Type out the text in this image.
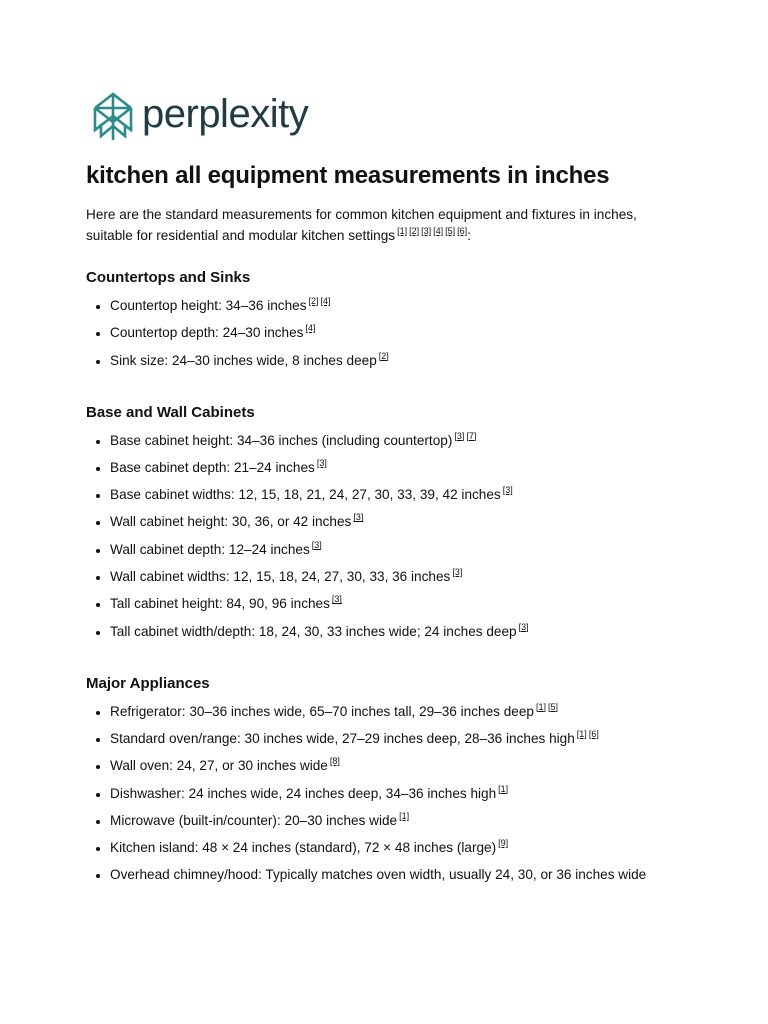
perplexity
kitchen all equipment measurements in inches

Here are the standard measurements for common kitchen equipment and fixtures in inches, suitable for residential and modular kitchen settings [1] [2] [3] [4] [5] [6]:

Countertops and Sinks
• Countertop height: 34–36 inches [2] [4]
• Countertop depth: 24–30 inches [4]
• Sink size: 24–30 inches wide, 8 inches deep [2]
Base and Wall Cabinets
• Base cabinet height: 34–36 inches (including countertop) [3] [7]
• Base cabinet depth: 21–24 inches [3]
• Base cabinet widths: 12, 15, 18, 21, 24, 27, 30, 33, 39, 42 inches [3]
• Wall cabinet height: 30, 36, or 42 inches [3]
• Wall cabinet depth: 12–24 inches [3]
• Wall cabinet widths: 12, 15, 18, 24, 27, 30, 33, 36 inches [3]
• Tall cabinet height: 84, 90, 96 inches [3]
• Tall cabinet width/depth: 18, 24, 30, 33 inches wide; 24 inches deep [3]
Major Appliances
• Refrigerator: 30–36 inches wide, 65–70 inches tall, 29–36 inches deep [1] [5]
• Standard oven/range: 30 inches wide, 27–29 inches deep, 28–36 inches high [1] [6]
• Wall oven: 24, 27, or 30 inches wide [8]
• Dishwasher: 24 inches wide, 24 inches deep, 34–36 inches high [1]
• Microwave (built-in/counter): 20–30 inches wide [1]
• Kitchen island: 48 × 24 inches (standard), 72 × 48 inches (large) [9]
• Overhead chimney/hood: Typically matches oven width, usually 24, 30, or 36 inches wide
